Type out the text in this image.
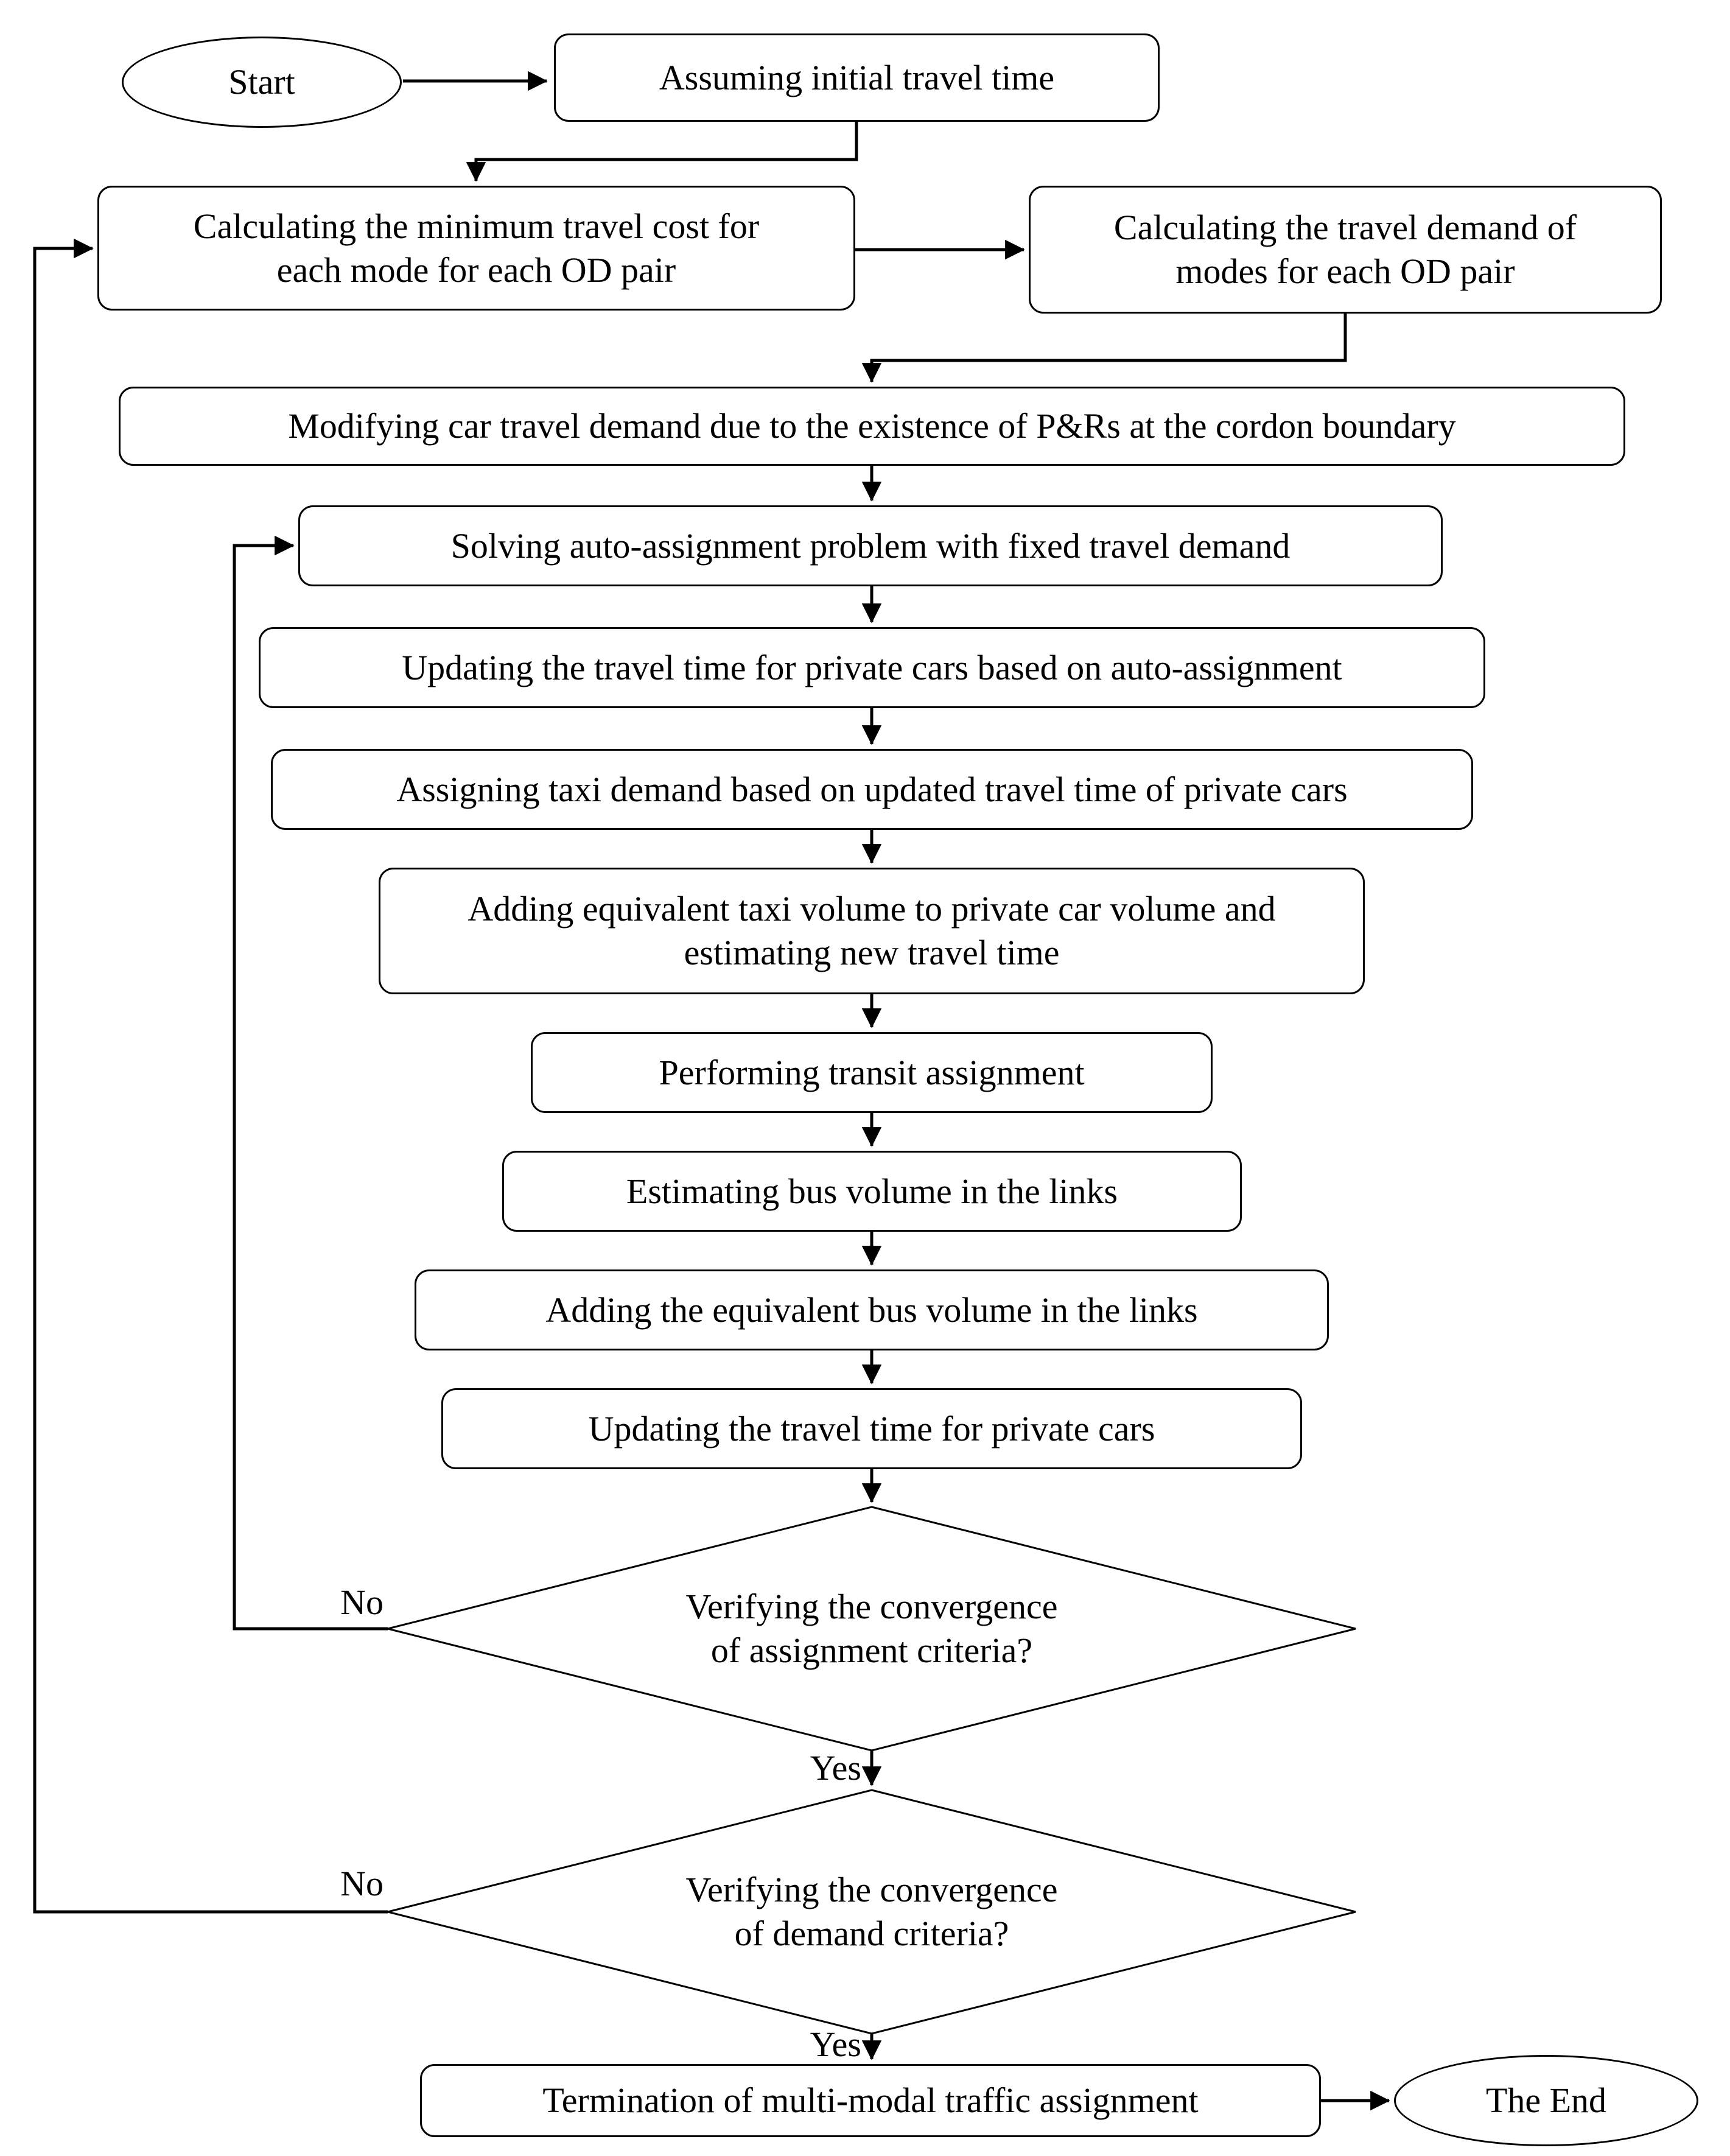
Start	Assuming initial travel time
Calculating the minimum travel cost for each mode for each OD pair
Calculating the travel demand of modes for each OD pair
Modifying car travel demand due to the existence of P&Rs at the cordon boundary
Solving auto-assignment problem with fixed travel demand
Updating the travel time for private cars based on auto-assignment
Assigning taxi demand based on updated travel time of private cars
Adding equivalent taxi volume to private car volume and estimating new travel time
Performing transit assignment
Estimating bus volume in the links
Adding the equivalent bus volume in the links
Updating the travel time for private cars
Verifying the convergence of assignment criteria?
Verifying the convergence of demand criteria?
Termination of multi-modal traffic assignment	The End
No
Yes
No
Yes
